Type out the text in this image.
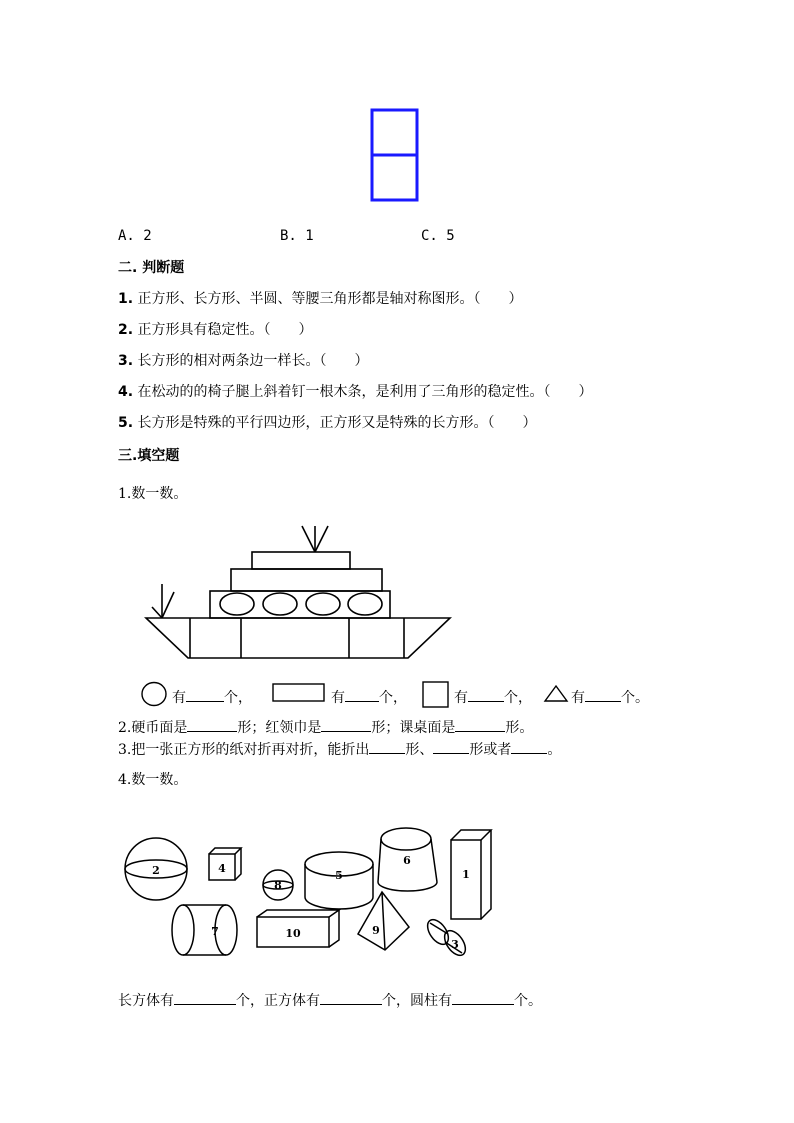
A. 2	B. 1	C. 5
二. 判断题
1. 正方形、长方形、半圆、等腰三角形都是轴对称图形。（　　）
2. 正方形具有稳定性。（　　）
3. 长方形的相对两条边一样长。（　　）
4. 在松动的的椅子腿上斜着钉一根木条，是利用了三角形的稳定性。（　　）
5. 长方形是特殊的平行四边形，正方形又是特殊的长方形。（　　）
三.填空题
1.数一数。
有	个，	有 个，	有	个，	有	个。
2.硬币面是	形；红领巾是	形；课桌面是	形。
3.把一张正方形的纸对折再对折，能折出	形、	形或者	。
4.数一数。
2	4
8
5
6
1
7	10	9
3
长方体有	个，正方体有	个，圆柱有	个。
